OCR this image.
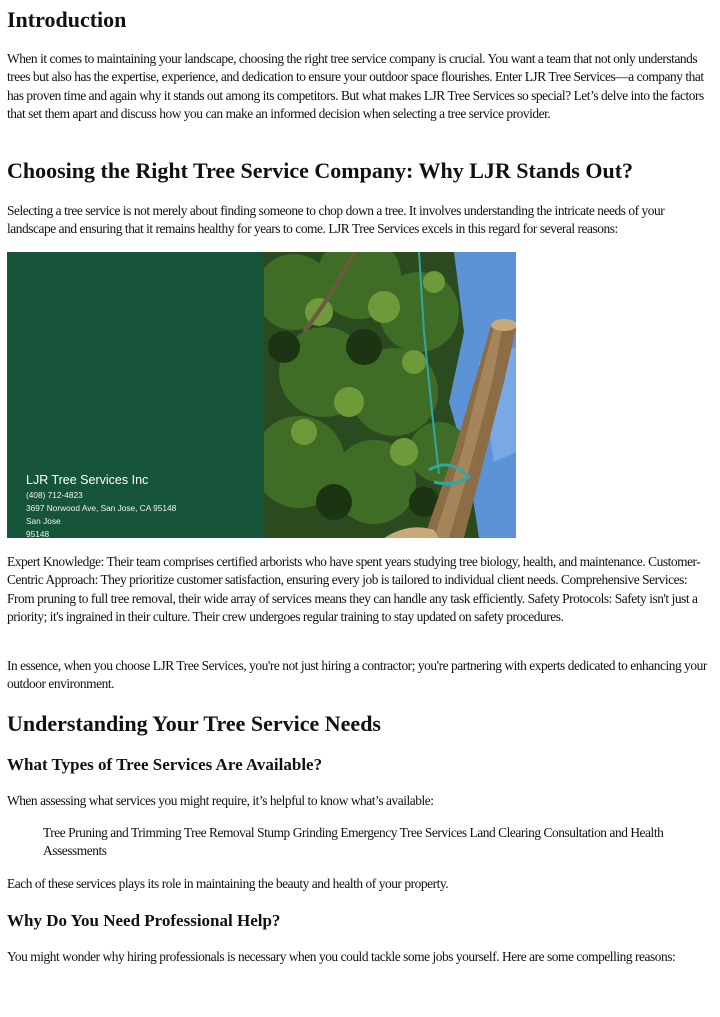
Introduction

When it comes to maintaining your landscape, choosing the right tree service company is crucial. You want a team that not only understands trees but also has the expertise, experience, and dedication to ensure your outdoor space flourishes. Enter LJR Tree Services—a company that has proven time and again why it stands out among its competitors. But what makes LJR Tree Services so special? Let’s delve into the factors that set them apart and discuss how you can make an informed decision when selecting a tree service provider.

Choosing the Right Tree Service Company: Why LJR Stands Out?

Selecting a tree service is not merely about finding someone to chop down a tree. It involves understanding the intricate needs of your landscape and ensuring that it remains healthy for years to come. LJR Tree Services excels in this regard for several reasons:

LJR Tree Services Inc
(408) 712-4823
3697 Norwood Ave, San Jose, CA 95148
San Jose
95148

Expert Knowledge: Their team comprises certified arborists who have spent years studying tree biology, health, and maintenance. Customer-Centric Approach: They prioritize customer satisfaction, ensuring every job is tailored to individual client needs. Comprehensive Services: From pruning to full tree removal, their wide array of services means they can handle any task efficiently. Safety Protocols: Safety isn't just a priority; it's ingrained in their culture. Their crew undergoes regular training to stay updated on safety procedures.

In essence, when you choose LJR Tree Services, you're not just hiring a contractor; you're partnering with experts dedicated to enhancing your outdoor environment.

Understanding Your Tree Service Needs
What Types of Tree Services Are Available?

When assessing what services you might require, it’s helpful to know what’s available:

Tree Pruning and Trimming Tree Removal Stump Grinding Emergency Tree Services Land Clearing Consultation and Health Assessments

Each of these services plays its role in maintaining the beauty and health of your property.

Why Do You Need Professional Help?

You might wonder why hiring professionals is necessary when you could tackle some jobs yourself. Here are some compelling reasons:
